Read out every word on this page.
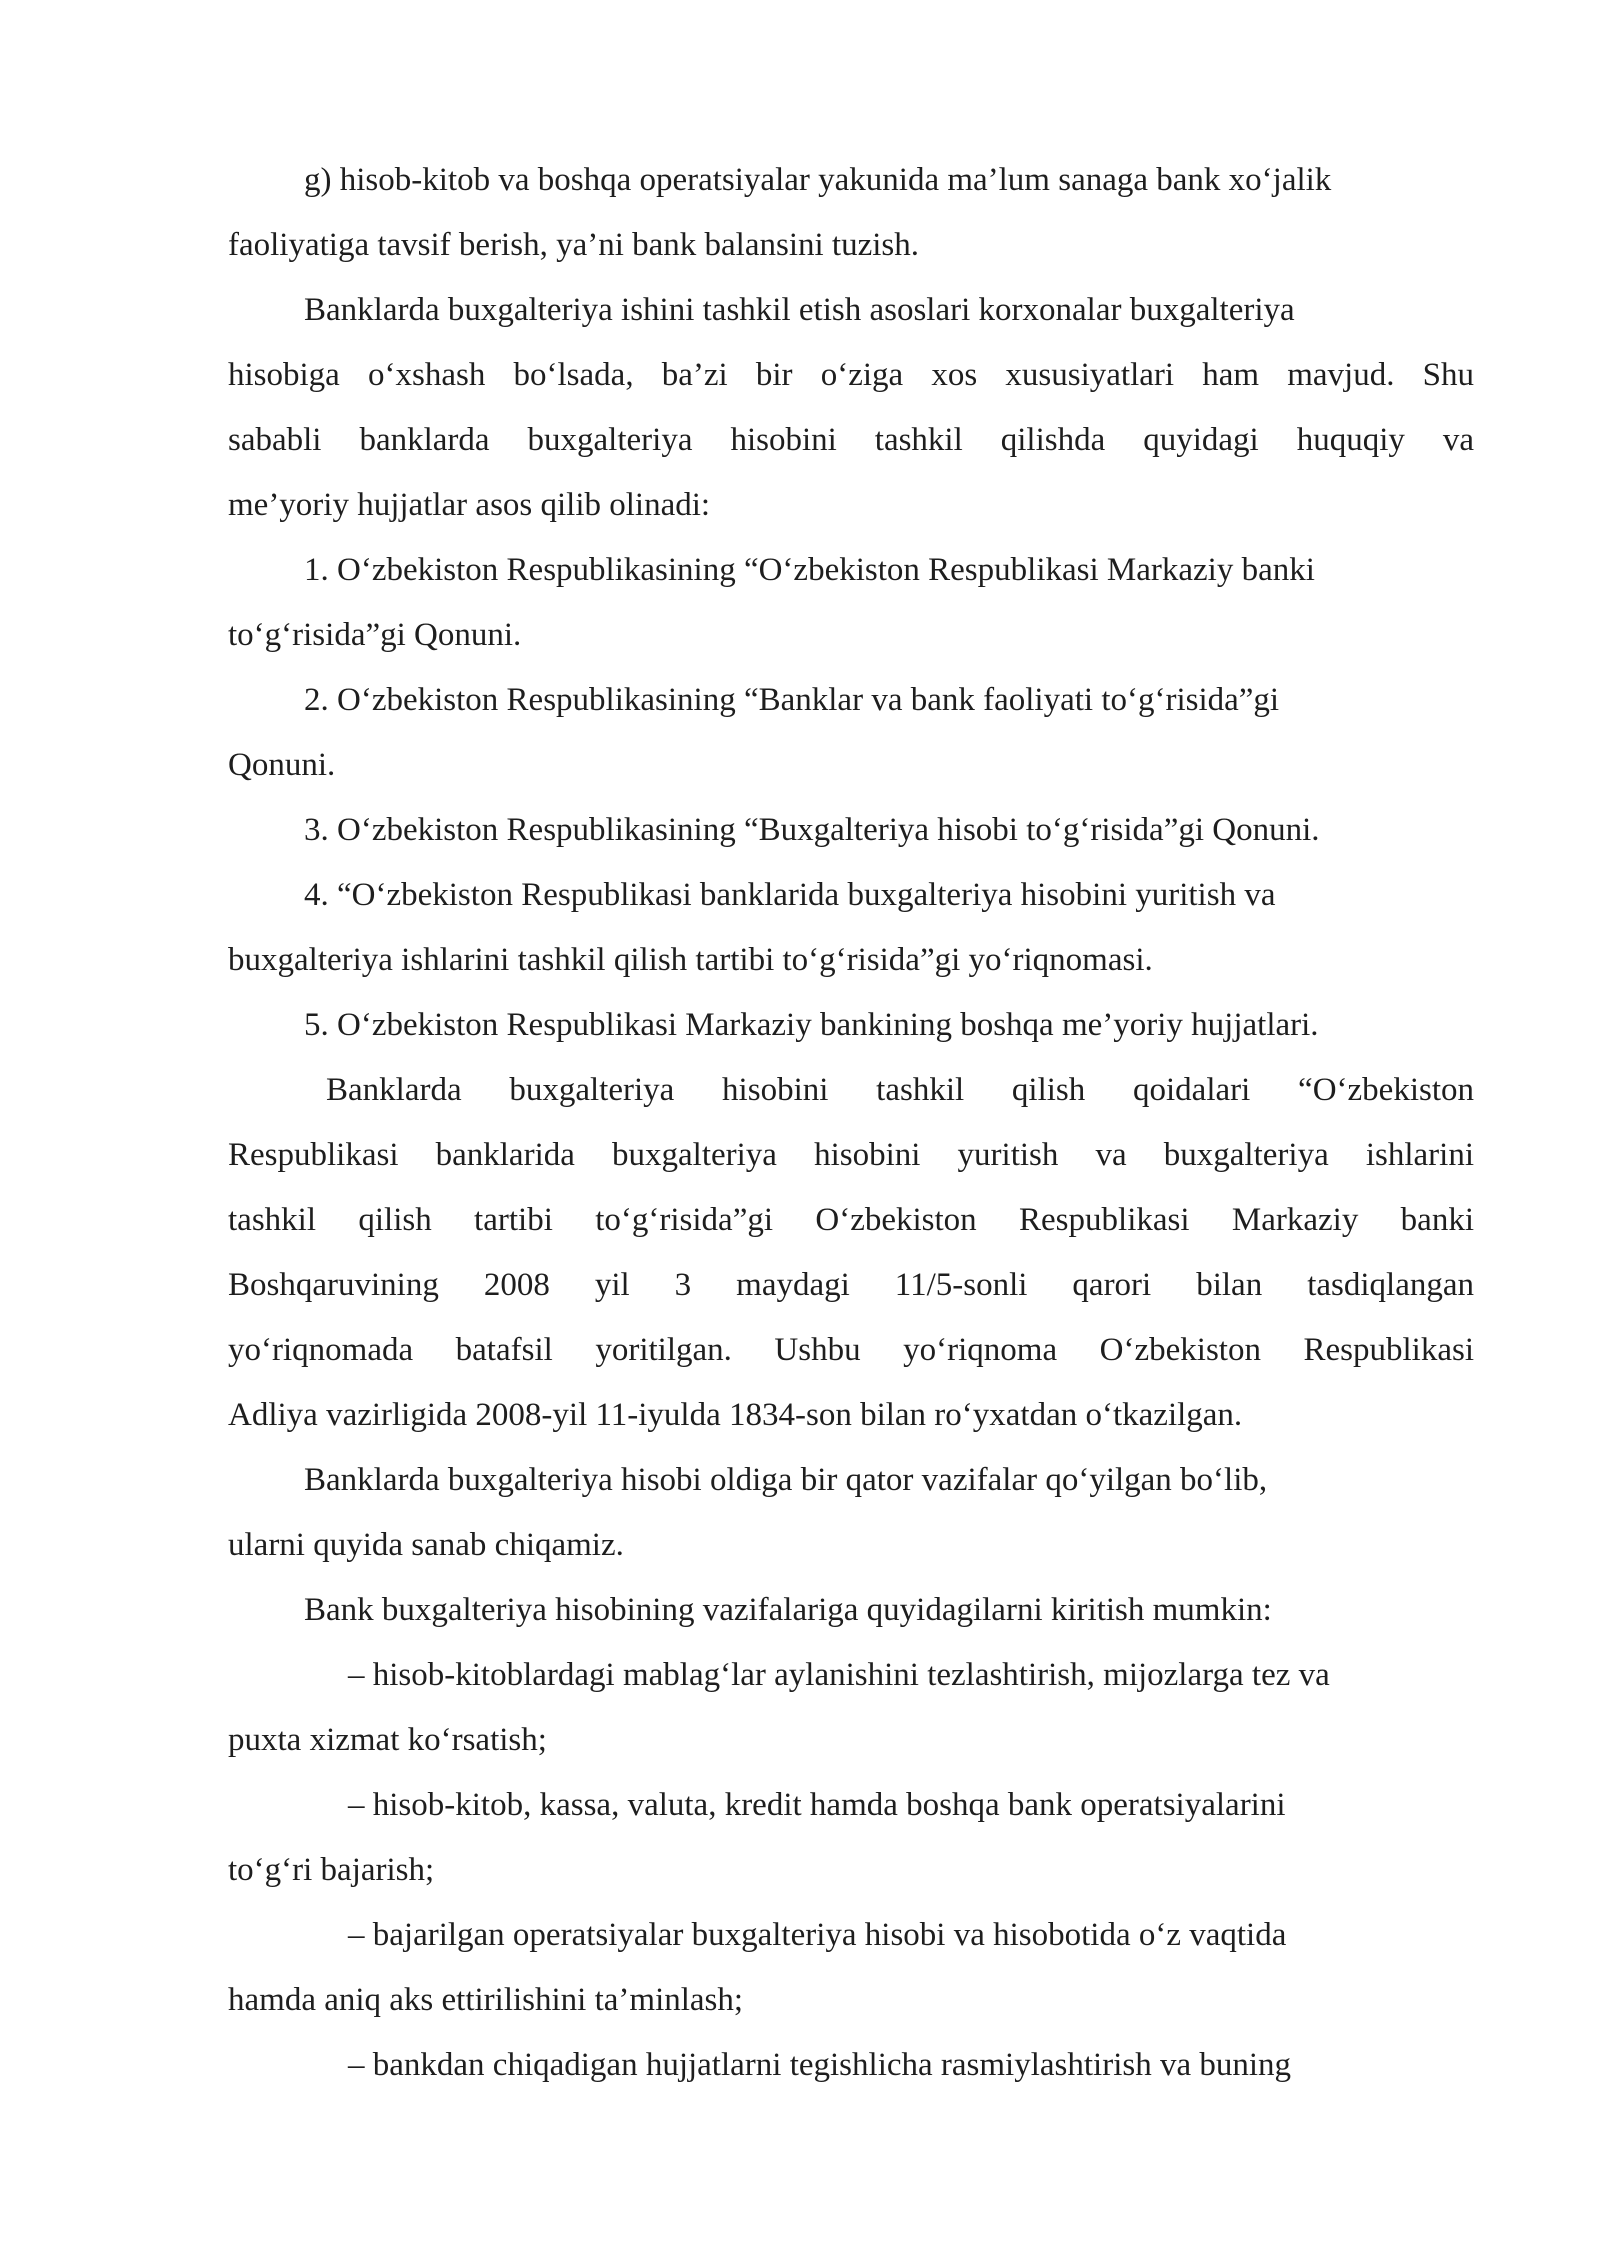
g) hisob-kitob va boshqa operatsiyalar yakunida ma’lum sanaga bank xo‘jalik
faoliyatiga tavsif berish, ya’ni bank balansini tuzish.
Banklarda buxgalteriya ishini tashkil etish asoslari korxonalar buxgalteriya
hisobiga o‘xshash bo‘lsada, ba’zi bir o‘ziga xos xususiyatlari ham mavjud. Shu
sababli banklarda buxgalteriya hisobini tashkil qilishda quyidagi huquqiy va
me’yoriy hujjatlar asos qilib olinadi:
1. O‘zbekiston Respublikasining “O‘zbekiston Respublikasi Markaziy banki
to‘g‘risida”gi Qonuni.
2. O‘zbekiston Respublikasining “Banklar va bank faoliyati to‘g‘risida”gi
Qonuni.
3. O‘zbekiston Respublikasining “Buxgalteriya hisobi to‘g‘risida”gi Qonuni.
4. “O‘zbekiston Respublikasi banklarida buxgalteriya hisobini yuritish va
buxgalteriya ishlarini tashkil qilish tartibi to‘g‘risida”gi yo‘riqnomasi.
5. O‘zbekiston Respublikasi Markaziy bankining boshqa me’yoriy hujjatlari.
Banklarda buxgalteriya hisobini tashkil qilish qoidalari “O‘zbekiston
Respublikasi banklarida buxgalteriya hisobini yuritish va buxgalteriya ishlarini
tashkil qilish tartibi to‘g‘risida”gi O‘zbekiston Respublikasi Markaziy banki
Boshqaruvining 2008 yil 3 maydagi 11/5-sonli qarori bilan tasdiqlangan
yo‘riqnomada batafsil yoritilgan. Ushbu yo‘riqnoma O‘zbekiston Respublikasi
Adliya vazirligida 2008-yil 11-iyulda 1834-son bilan ro‘yxatdan o‘tkazilgan.
Banklarda buxgalteriya hisobi oldiga bir qator vazifalar qo‘yilgan bo‘lib,
ularni quyida sanab chiqamiz.
Bank buxgalteriya hisobining vazifalariga quyidagilarni kiritish mumkin:
– hisob-kitoblardagi mablag‘lar aylanishini tezlashtirish, mijozlarga tez va
puxta xizmat ko‘rsatish;
– hisob-kitob, kassa, valuta, kredit hamda boshqa bank operatsiyalarini
to‘g‘ri bajarish;
– bajarilgan operatsiyalar buxgalteriya hisobi va hisobotida o‘z vaqtida
hamda aniq aks ettirilishini ta’minlash;
– bankdan chiqadigan hujjatlarni tegishlicha rasmiylashtirish va buning
